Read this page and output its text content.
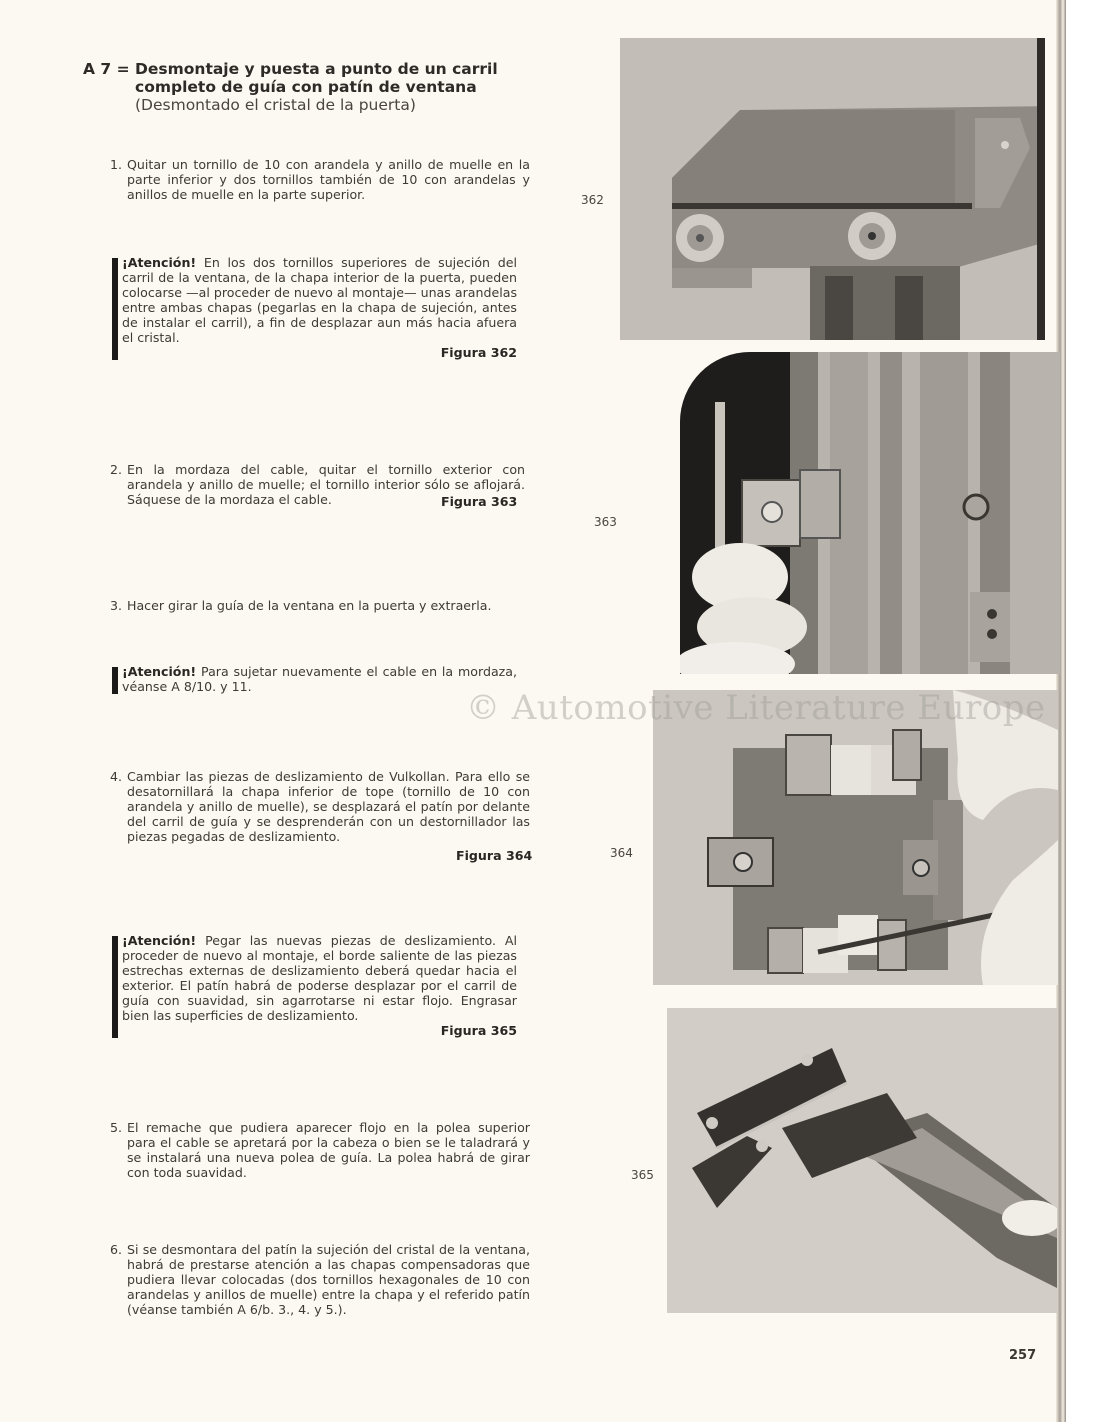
A 7 = Desmontaje y puesta a punto de un carril
completo de guía con patín de ventana
(Desmontado el cristal de la puerta)
1. Quitar un tornillo de 10 con arandela y anillo de muelle en la parte inferior y dos tornillos también de 10 con arandelas y anillos de muelle en la parte superior.
¡Atención! En los dos tornillos superiores de sujeción del carril de la ventana, de la chapa interior de la puerta, pueden colocarse —al proceder de nuevo al montaje— unas arandelas entre ambas chapas (pegarlas en la chapa de sujeción, antes de instalar el carril), a fin de desplazar aun más hacia afuera el cristal.
Figura 362
2. En la mordaza del cable, quitar el tornillo exterior con arandela y anillo de muelle; el tornillo interior sólo se aflojará. Sáquese de la mordaza el cable.	Figura 363
3. Hacer girar la guía de la ventana en la puerta y extraerla.
¡Atención! Para sujetar nuevamente el cable en la mordaza, véanse A 8/10. y 11.
4. Cambiar las piezas de deslizamiento de Vulkollan. Para ello se desatornillará la chapa inferior de tope (tornillo de 10 con arandela y anillo de muelle), se desplazará el patín por delante del carril de guía y se desprenderán con un destornillador las piezas pegadas de deslizamiento.
Figura 364
¡Atención! Pegar las nuevas piezas de deslizamiento. Al proceder de nuevo al montaje, el borde saliente de las piezas estrechas externas de deslizamiento deberá quedar hacia el exterior. El patín habrá de poderse desplazar por el carril de guía con suavidad, sin agarrotarse ni estar flojo. Engrasar bien las superficies de deslizamiento.
Figura 365
5. El remache que pudiera aparecer flojo en la polea superior para el cable se apretará por la cabeza o bien se le taladrará y se instalará una nueva polea de guía. La polea habrá de girar con toda suavidad.
6. Si se desmontara del patín la sujeción del cristal de la ventana, habrá de prestarse atención a las chapas compensadoras que pudiera llevar colocadas (dos tornillos hexagonales de 10 con arandelas y anillos de muelle) entre la chapa y el referido patín (véanse también A 6/b. 3., 4. y 5.).
362
363
364
365
© Automotive Literature Europe
257
